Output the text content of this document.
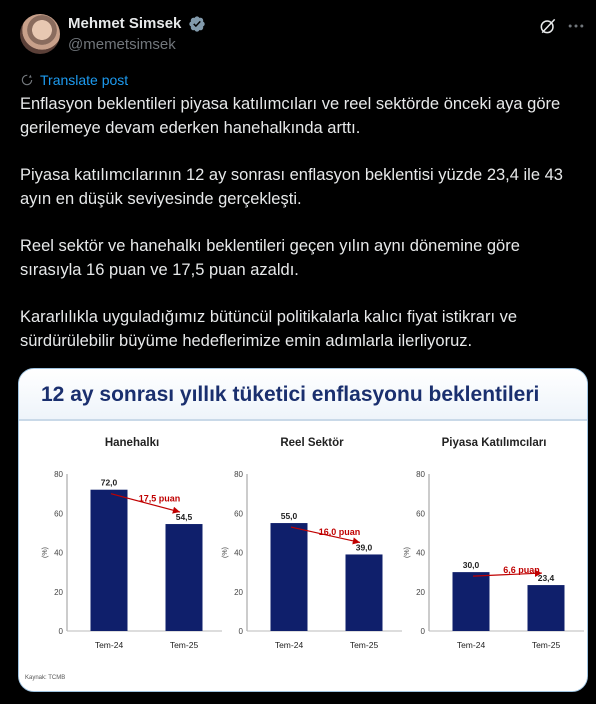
Mehmet Simsek
@memetsimsek
Translate post

Enflasyon beklentileri piyasa katılımcıları ve reel sektörde önceki aya göre gerilemeye devam ederken hanehalkında arttı.

Piyasa katılımcılarının 12 ay sonrası enflasyon beklentisi yüzde 23,4 ile 43 ayın en düşük seviyesinde gerçekleşti.

Reel sektör ve hanehalkı beklentileri geçen yılın aynı dönemine göre sırasıyla 16 puan ve 17,5 puan azaldı.

Kararlılıkla uyguladığımız bütüncül politikalarla kalıcı fiyat istikrarı ve sürdürülebilir büyüme hedeflerimize emin adımlarla ilerliyoruz.

12 ay sonrası yıllık tüketici enflasyonu beklentileri
Hanehalkı
0
20
40
60
80
(%)
72,0
Tem-24
54,5
Tem-25
17,5 puan
Reel Sektör
0
20
40
60
80
(%)
55,0
Tem-24
39,0
Tem-25
16,0 puan
Piyasa Katılımcıları
0
20
40
60
80
(%)
30,0
Tem-24
23,4
Tem-25
6,6 puan
Kaynak: TCMB
